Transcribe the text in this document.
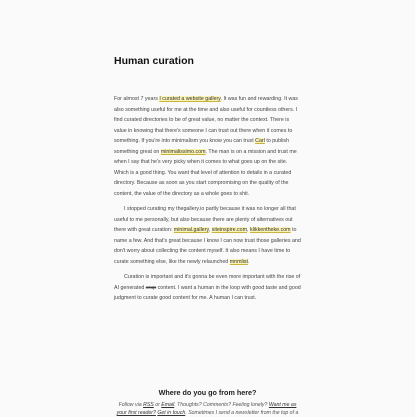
Human curation

For almost 7 years I curated a website gallery. It was fun and rewarding. It was also something useful for me at the time and also useful for countless others. I find curated directories to be of great value, no matter the context. There is value in knowing that there's someone I can trust out there when it comes to something. If you're into minimalism you know you can trust Carl to publish something great on minimalissimo.com. The man is on a mission and trust me when I say that he's very picky when it comes to what goes up on the site. Which is a good thing. You want that level of attention to details in a curated directory. Because as soon as you start compromising on the quality of the content, the value of the directory as a whole goes to shit.

I stopped curating my thegallery.io partly because it was no longer all that useful to me personally, but also because there are plenty of alternatives out there with great curation: minimal.gallery, siteinspire.com, klikkentheke.com to name a few. And that's great because I know I can now trust those galleries and don't worry about collecting the content myself. It also means I have time to curate something else, like the newly relaunched mnmlist.

Curation is important and it's gonna be even more important with the rise of AI generated crap content. I want a human in the loop with good taste and good judgment to curate good content for me. A human I can trust.

Where do you go from here?

Follow via RSS or Email. Thoughts? Comments? Feeling lonely? Want me as your first reader? Get in touch. Sometimes I send a newsletter from the top of a
